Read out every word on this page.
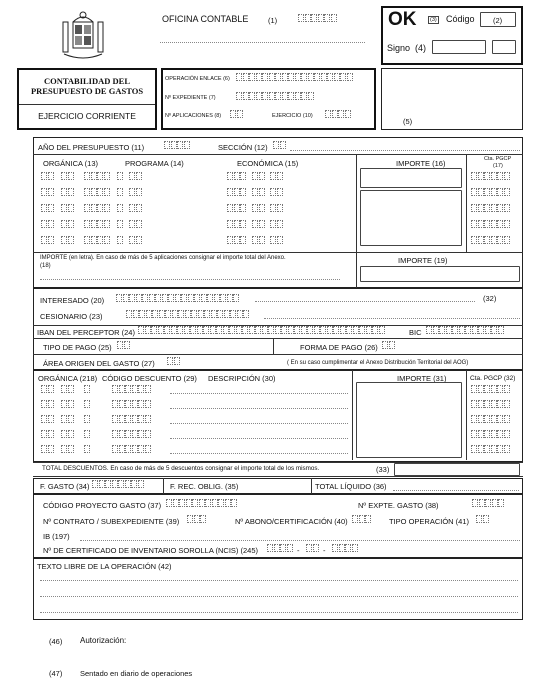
OFICINA CONTABLE	(1)	OK	(3) Código (2)
Signo (4)
CONTABILIDAD DEL
PRESUPUESTO DE GASTOS
EJERCICIO CORRIENTE
OPERACIÓN ENLACE (6)
Nº EXPEDIENTE (7)
Nº APLICACIONES (8)	EJERCICIO (10)
(5)
AÑO DEL PRESUPUESTO (11)	SECCIÓN (12)
ORGÁNICA (13)	PROGRAMA (14)	ECONÓMICA (15)	IMPORTE (16)	Cta. PGCP
(17)
IMPORTE (en letra). En caso de más de 5 aplicaciones consignar el importe total del Anexo.
(18)
IMPORTE (19)
INTERESADO (20)	(32)
CESIONARIO (23)
IBAN DEL PERCEPTOR (24)	BIC
TIPO DE PAGO (25)	FORMA DE PAGO (26)
ÁREA ORIGEN DEL GASTO (27)	( En su caso cumplimentar el Anexo Distribución Territorial del AOG)
ORGÁNICA (218) CÓDIGO DESCUENTO (29) DESCRIPCIÓN (30)	IMPORTE (31)	Cta. PGCP (32)
TOTAL DESCUENTOS. En caso de más de 5 descuentos consignar el importe total de los mismos.	(33)
F. GASTO (34)	F. REC. OBLIG. (35)	TOTAL LÍQUIDO (36)
CÓDIGO PROYECTO GASTO (37)	Nº EXPTE. GASTO (38)
Nº CONTRATO / SUBEXPEDIENTE (39)	Nº ABONO/CERTIFICACIÓN (40)	TIPO OPERACIÓN (41)
IB (197)
Nº DE CERTIFICADO DE INVENTARIO SOROLLA (NCIS) (245)	-	-
TEXTO LIBRE DE LA OPERACIÓN (42)
(46) Autorización:
(47) Sentado en diario de operaciones
